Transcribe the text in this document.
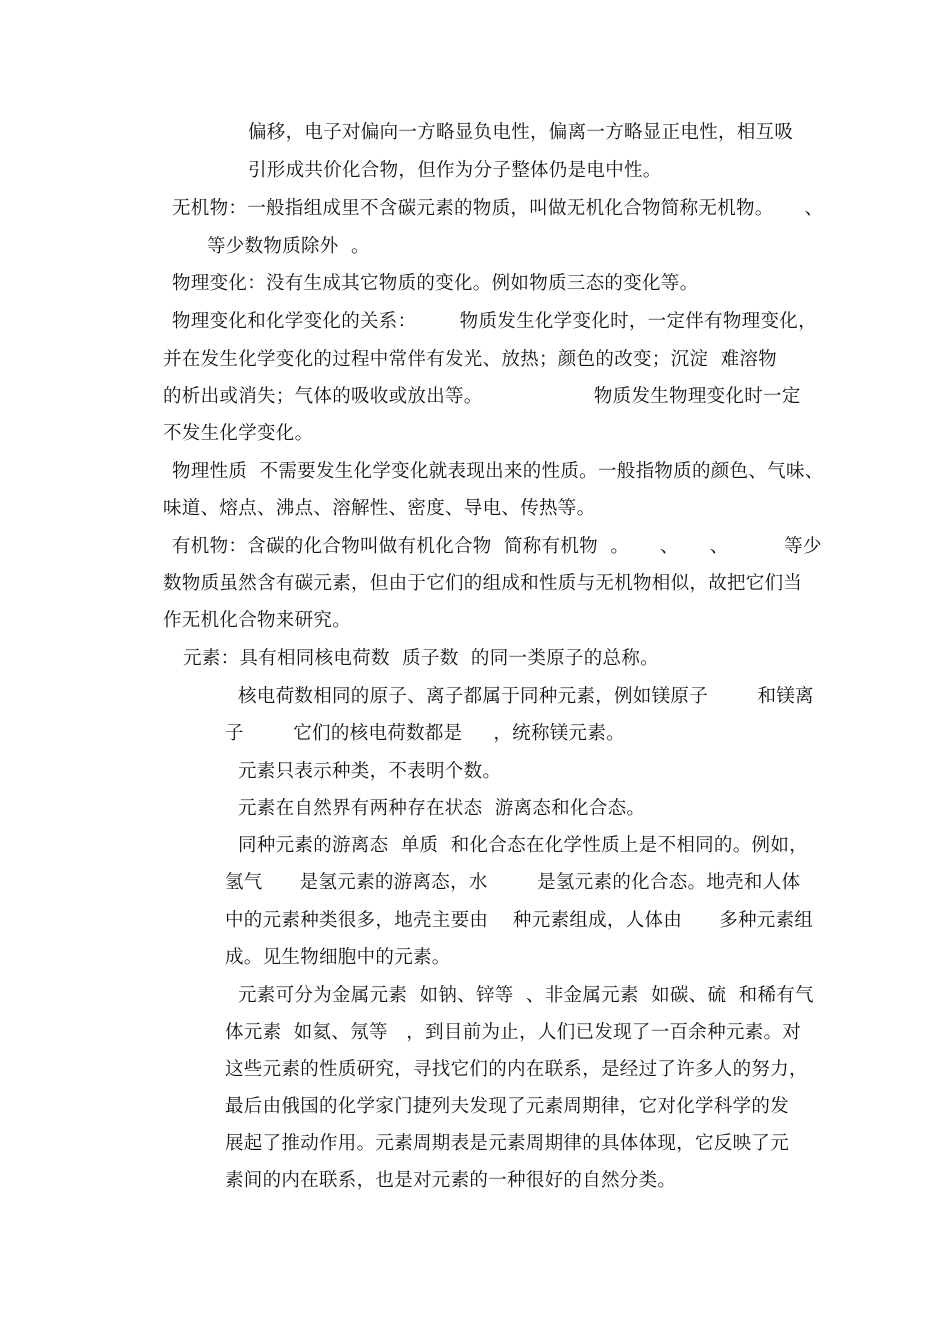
偏移，电子对偏向一方略显负电性，偏离一方略显正电性，相互吸
引形成共价化合物，但作为分子整体仍是电中性。
无机物：一般指组成里不含碳元素的物质，叫做无机化合物简称无机物。     、
等少数物质除外  。
物理变化：没有生成其它物质的变化。例如物质三态的变化等。
物理变化和化学变化的关系：       物质发生化学变化时，一定伴有物理变化，
并在发生化学变化的过程中常伴有发光、放热；颜色的改变；沉淀  难溶物
的析出或消失；气体的吸收或放出等。                  物质发生物理变化时一定
不发生化学变化。
物理性质  不需要发生化学变化就表现出来的性质。一般指物质的颜色、气味、
味道、熔点、沸点、溶解性、密度、导电、传热等。
有机物：含碳的化合物叫做有机化合物  简称有机物  。     、     、         等少
数物质虽然含有碳元素，但由于它们的组成和性质与无机物相似，故把它们当
作无机化合物来研究。
元素：具有相同核电荷数  质子数  的同一类原子的总称。
核电荷数相同的原子、离子都属于同种元素，例如镁原子        和镁离
子        它们的核电荷数都是     ，统称镁元素。
元素只表示种类，不表明个数。
元素在自然界有两种存在状态  游离态和化合态。
同种元素的游离态  单质  和化合态在化学性质上是不相同的。例如，
氢气      是氢元素的游离态，水        是氢元素的化合态。地壳和人体
中的元素种类很多，地壳主要由    种元素组成，人体由      多种元素组
成。见生物细胞中的元素。
元素可分为金属元素  如钠、锌等  、非金属元素  如碳、硫  和稀有气
体元素  如氦、氖等   ，到目前为止，人们已发现了一百余种元素。对
这些元素的性质研究，寻找它们的内在联系，是经过了许多人的努力，
最后由俄国的化学家门捷列夫发现了元素周期律，它对化学科学的发
展起了推动作用。元素周期表是元素周期律的具体体现，它反映了元
素间的内在联系，也是对元素的一种很好的自然分类。
